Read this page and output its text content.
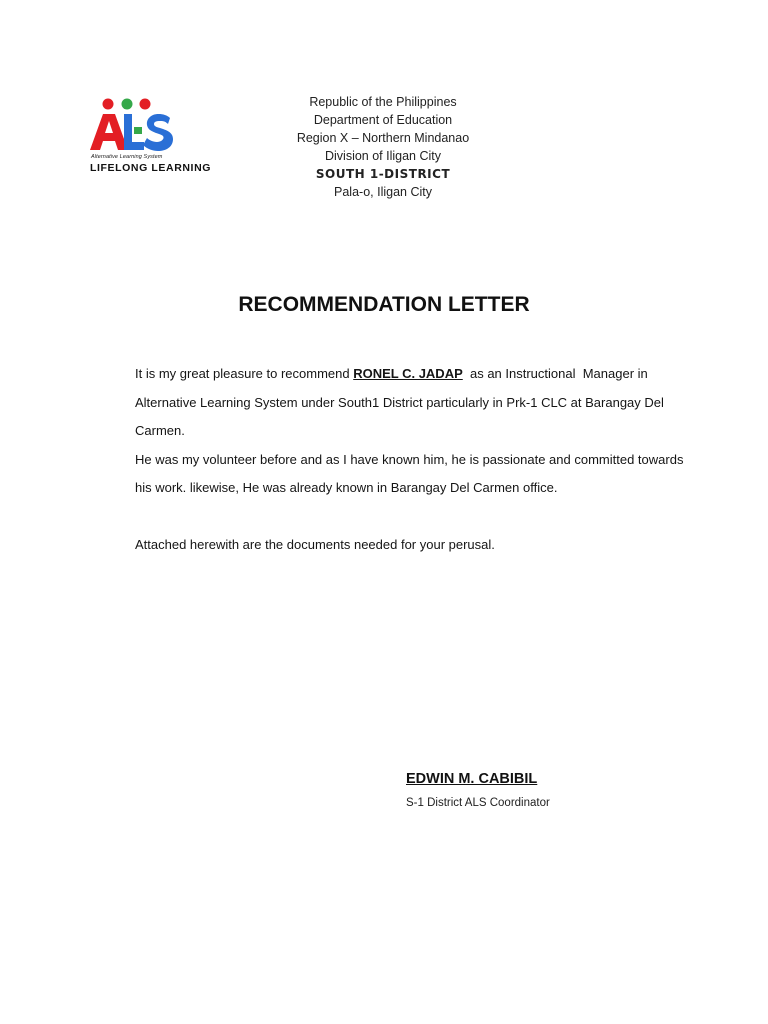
Alternative Learning System
LIFELONG LEARNING
Republic of the Philippines
Department of Education
Region X – Northern Mindanao
Division of Iligan City
SOUTH 1-DISTRICT
Pala-o, Iligan City
RECOMMENDATION LETTER

It is my great pleasure to recommend RONEL C. JADAP  as an Instructional  Manager in Alternative Learning System under South1 District particularly in Prk-1 CLC at Barangay Del Carmen.

He was my volunteer before and as I have known him, he is passionate and committed towards his work. likewise, He was already known in Barangay Del Carmen office.

Attached herewith are the documents needed for your perusal.

EDWIN M. CABIBIL
S-1 District ALS Coordinator
